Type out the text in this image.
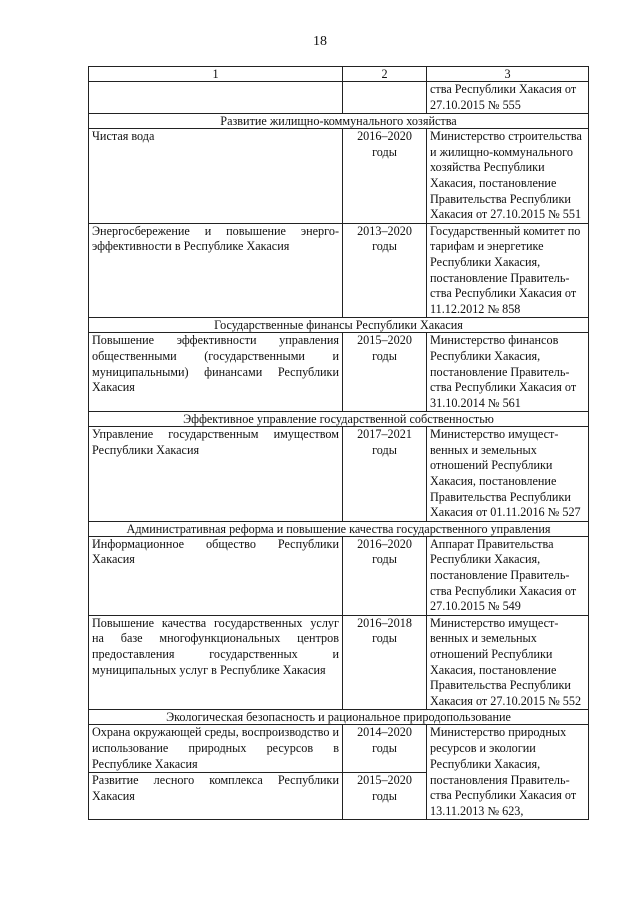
18
1	2	3
		ства Республики Хакасия от 27.10.2015 № 555
Развитие жилищно-коммунального хозяйства		
Чистая вода	2016–2020 годы	Министерство строительства и жилищно-коммунального хозяйства Республики Хакасия, постановление Правительства Республики Хакасия от 27.10.2015 № 551
Энергосбережение и повышение энергоэффективности в Республике Хакасия	2013–2020 годы	Государственный комитет по тарифам и энергетике Республики Хакасия, постановление Правительства Республики Хакасия от 11.12.2012 № 858
Государственные финансы Республики Хакасия		
Повышение эффективности управления общественными (государственными и муниципальными) финансами Республики Хакасия	2015–2020 годы	Министерство финансов Республики Хакасия, постановление Правительства Республики Хакасия от 31.10.2014 № 561
Эффективное управление государственной собственностью		
Управление государственным имуществом Республики Хакасия	2017–2021 годы	Министерство имущественных и земельных отношений Республики Хакасия, постановление Правительства Республики Хакасия от 01.11.2016 № 527
Административная реформа и повышение качества государственного управления		
Информационное общество Республики Хакасия	2016–2020 годы	Аппарат Правительства Республики Хакасия, постановление Правительства Республики Хакасия от 27.10.2015 № 549
Повышение качества государственных услуг на базе многофункциональных центров предоставления государственных и муниципальных услуг в Республике Хакасия	2016–2018 годы	Министерство имущественных и земельных отношений Республики Хакасия, постановление Правительства Республики Хакасия от 27.10.2015 № 552
Экологическая безопасность и рациональное природопользование		
Охрана окружающей среды, воспроизводство и использование природных ресурсов в Республике Хакасия	2014–2020 годы	Министерство природных ресурсов и экологии Республики Хакасия,
Развитие лесного комплекса Республики Хакасия	2015–2020 годы	постановления Правительства Республики Хакасия от 13.11.2013 № 623,
